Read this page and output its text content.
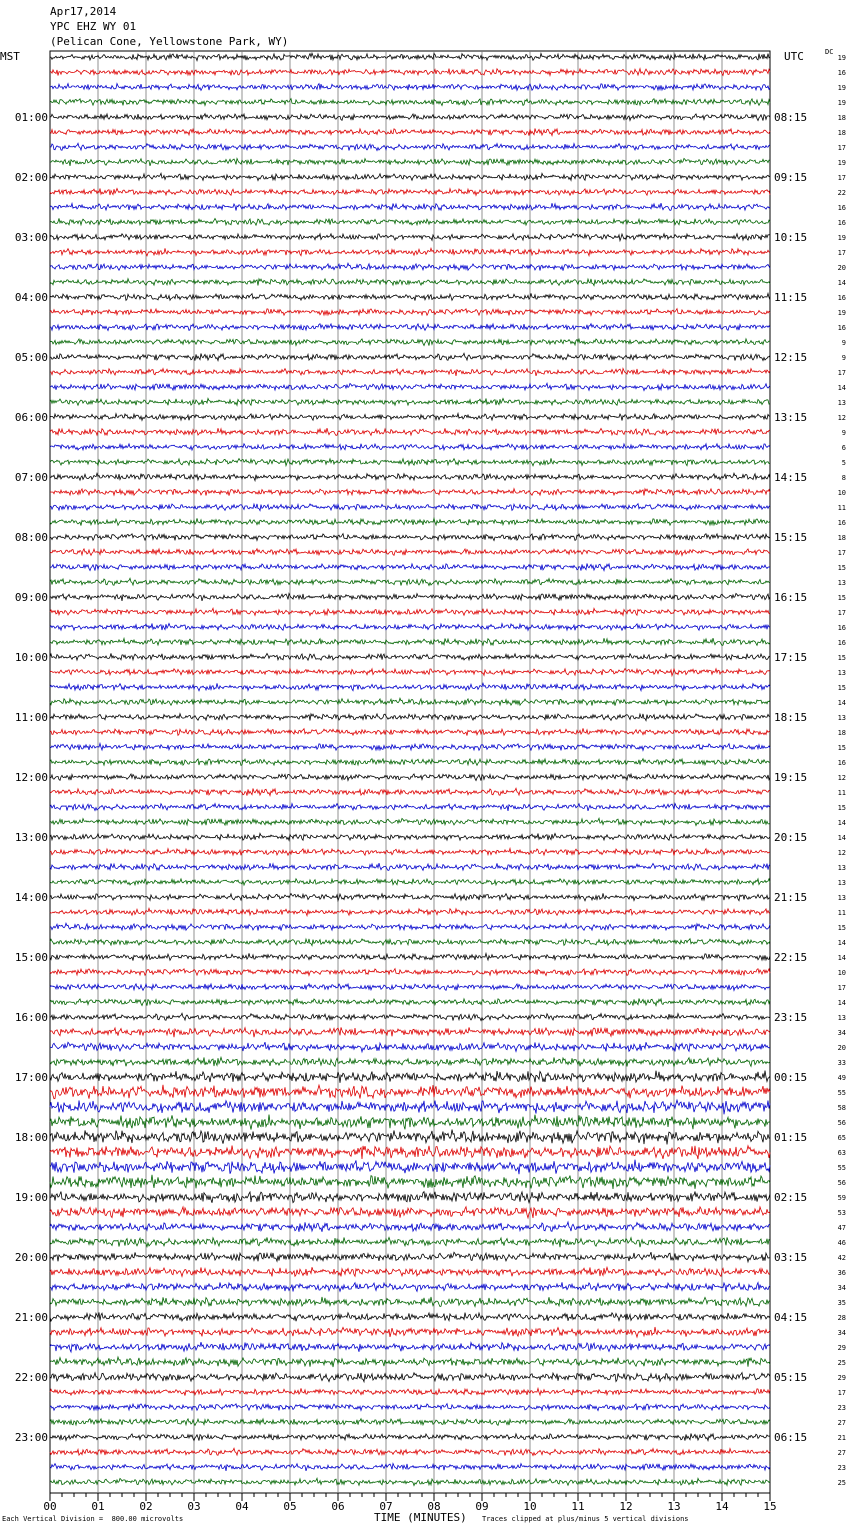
Apr17,2014
YPC EHZ WY 01
(Pelican Cone, Yellowstone Park, WY)
MST	UTC	DC
19
16
19
19
18
18
17
19
17
22
16
16
19
17
20
14
16
19
16
9
9
17
14
13
12
9
6
5
8
10
11
16
18
17
15
13
15
17
16
16
15
13
15
14
13
18
15
16
12
11
15
14
14
12
13
13
13
11
15
14
14
10
17
14
13
34
20
33
49
55
58
56
65
63
55
56
59
53
47
46
42
36
34
35
28
34
29
25
29
17
23
27
21
27
23
25
01:00
02:00
03:00
04:00
05:00
06:00
07:00
08:00
09:00
10:00
11:00
12:00
13:00
14:00
15:00
16:00
17:00
18:00
19:00
20:00
21:00
22:00
23:00
08:15
09:15
10:15
11:15
12:15
13:15
14:15
15:15
16:15
17:15
18:15
19:15
20:15
21:15
22:15
23:15
00:15
01:15
02:15
03:15
04:15
05:15
06:15
00	01	02	03	04	05	06	07	08	09	10	11	12	13	14	15
Each Vertical Division =  800.00 microvolts	TIME (MINUTES) Traces clipped at plus/minus 5 vertical divisions
